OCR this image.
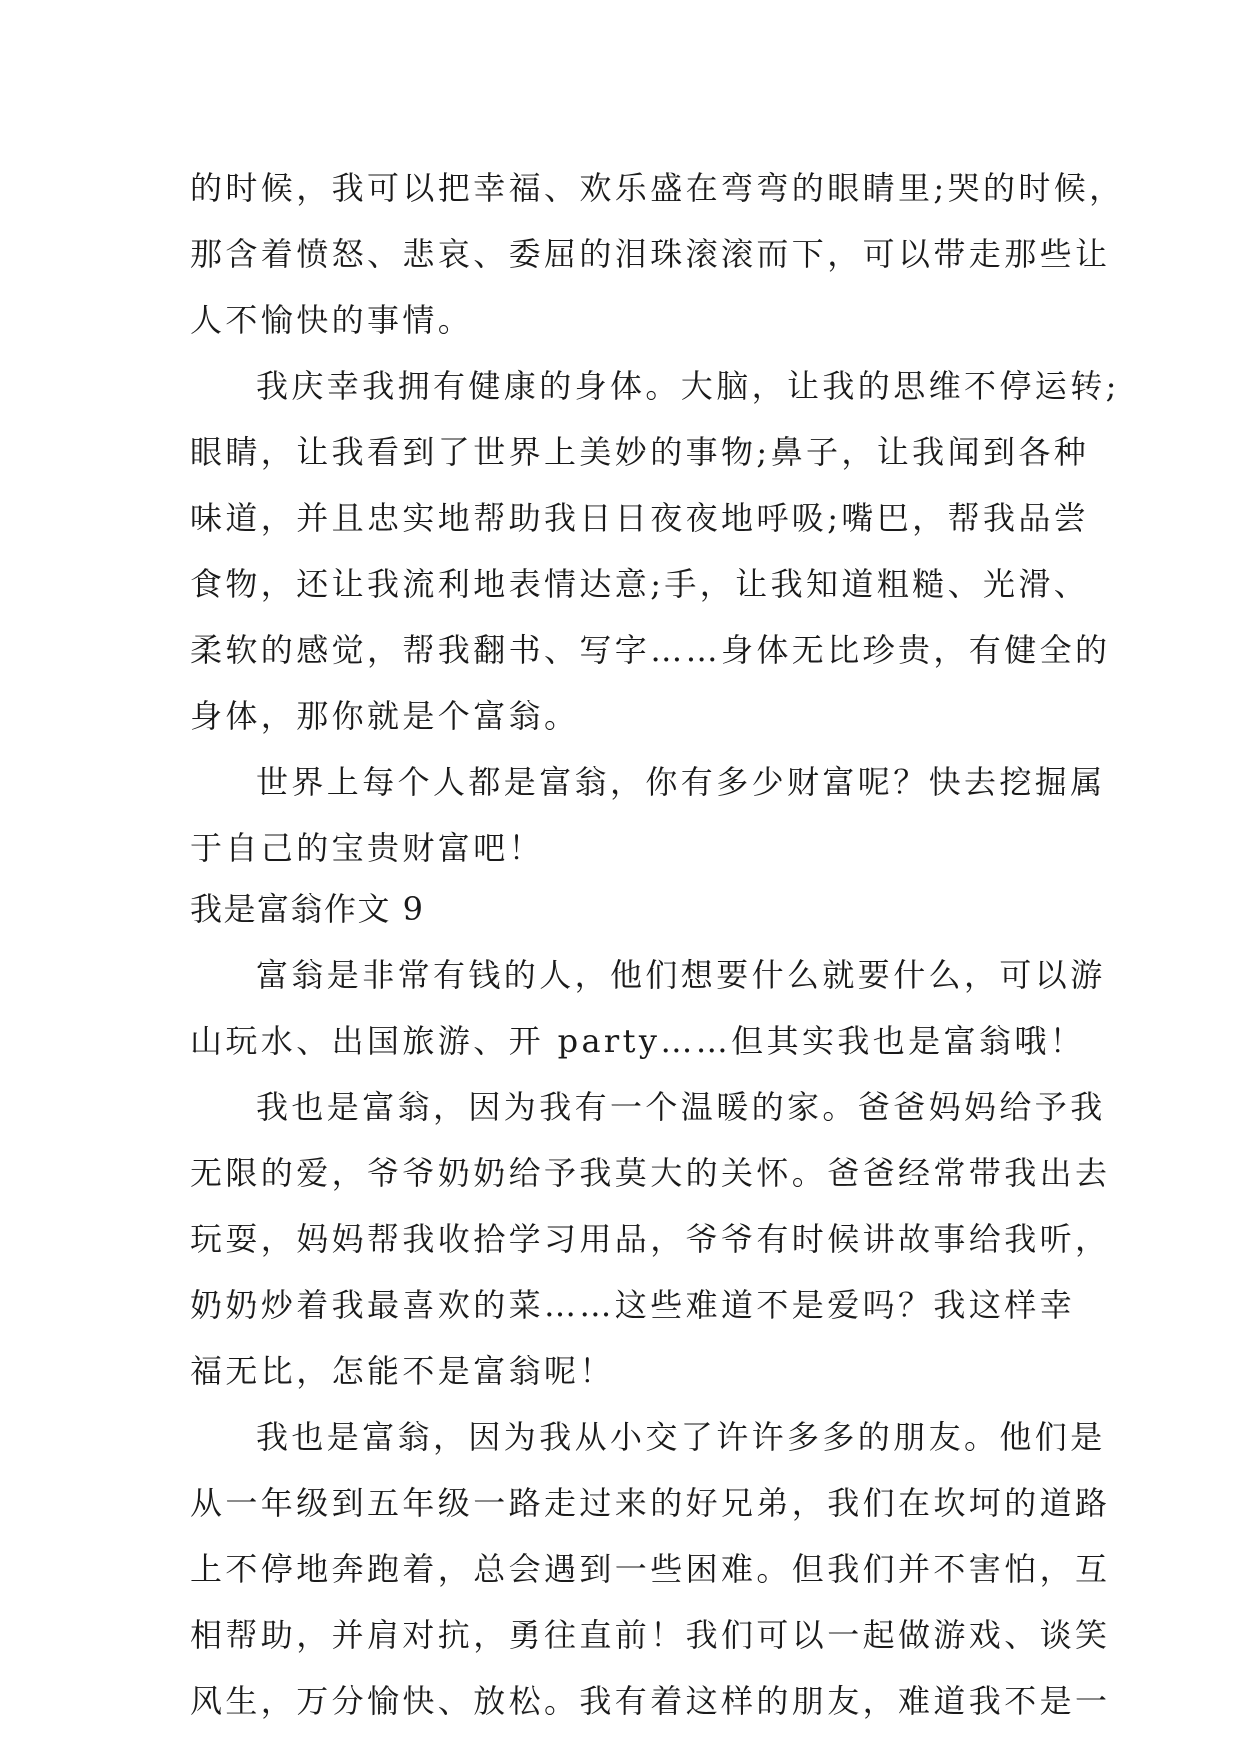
的时候，我可以把幸福、欢乐盛在弯弯的眼睛里;哭的时候，
那含着愤怒、悲哀、委屈的泪珠滚滚而下，可以带走那些让
人不愉快的事情。
我庆幸我拥有健康的身体。大脑，让我的思维不停运转;
眼睛，让我看到了世界上美妙的事物;鼻子，让我闻到各种
味道，并且忠实地帮助我日日夜夜地呼吸;嘴巴，帮我品尝
食物，还让我流利地表情达意;手，让我知道粗糙、光滑、
柔软的感觉，帮我翻书、写字……身体无比珍贵，有健全的
身体，那你就是个富翁。
世界上每个人都是富翁，你有多少财富呢？快去挖掘属
于自己的宝贵财富吧！
我是富翁作文 9
富翁是非常有钱的人，他们想要什么就要什么，可以游
山玩水、出国旅游、开 party……但其实我也是富翁哦！
我也是富翁，因为我有一个温暖的家。爸爸妈妈给予我
无限的爱，爷爷奶奶给予我莫大的关怀。爸爸经常带我出去
玩耍，妈妈帮我收拾学习用品，爷爷有时候讲故事给我听，
奶奶炒着我最喜欢的菜……这些难道不是爱吗？我这样幸
福无比，怎能不是富翁呢！
我也是富翁，因为我从小交了许许多多的朋友。他们是
从一年级到五年级一路走过来的好兄弟，我们在坎坷的道路
上不停地奔跑着，总会遇到一些困难。但我们并不害怕，互
相帮助，并肩对抗，勇往直前！我们可以一起做游戏、谈笑
风生，万分愉快、放松。我有着这样的朋友，难道我不是一
